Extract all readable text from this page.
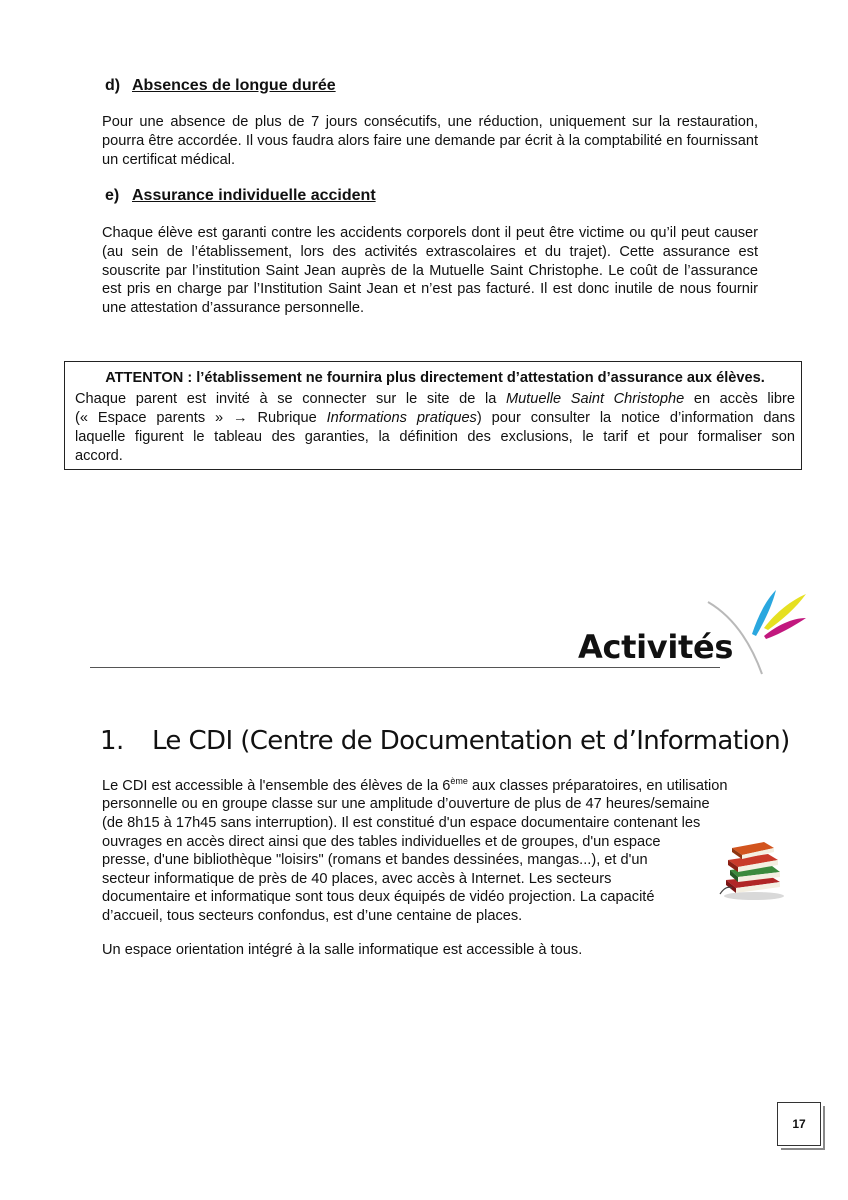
d) Absences de longue durée

Pour une absence de plus de 7 jours consécutifs, une réduction, uniquement sur la restauration, pourra être accordée. Il vous faudra alors faire une demande par écrit à la comptabilité en fournissant un certificat médical.

e) Assurance individuelle accident

Chaque élève est garanti contre les accidents corporels dont il peut être victime ou qu’il peut causer (au sein de l’établissement, lors des activités extrascolaires et du trajet). Cette assurance est souscrite par l’institution Saint Jean auprès de la Mutuelle Saint Christophe. Le coût de l’assurance est pris en charge par l’Institution Saint Jean et n’est pas facturé. Il est donc inutile de nous fournir une attestation d’assurance personnelle.

ATTENTON : l’établissement ne fournira plus directement d’attestation d’assurance aux élèves.

Chaque parent est invité à se connecter sur le site de la Mutuelle Saint Christophe en accès libre
(« Espace parents » → Rubrique Informations pratiques) pour consulter la notice d’information dans
laquelle figurent le tableau des garanties, la définition des exclusions, le tarif et pour formaliser son
accord.

Activités
1. Le CDI (Centre de Documentation et d’Information)

Le CDI est accessible à l'ensemble des élèves de la 6ème aux classes préparatoires, en utilisation
personnelle ou en groupe classe sur une amplitude d’ouverture de plus de 47 heures/semaine
(de 8h15 à 17h45 sans interruption). Il est constitué d'un espace documentaire contenant les
ouvrages en accès direct ainsi que des tables individuelles et de groupes, d'un espace
presse, d'une bibliothèque "loisirs" (romans et bandes dessinées, mangas...), et d'un
secteur informatique de près de 40 places, avec accès à Internet. Les secteurs
documentaire et informatique sont tous deux équipés de vidéo projection. La capacité
d’accueil, tous secteurs confondus, est d’une centaine de places.

Un espace orientation intégré à la salle informatique est accessible à tous.

17
